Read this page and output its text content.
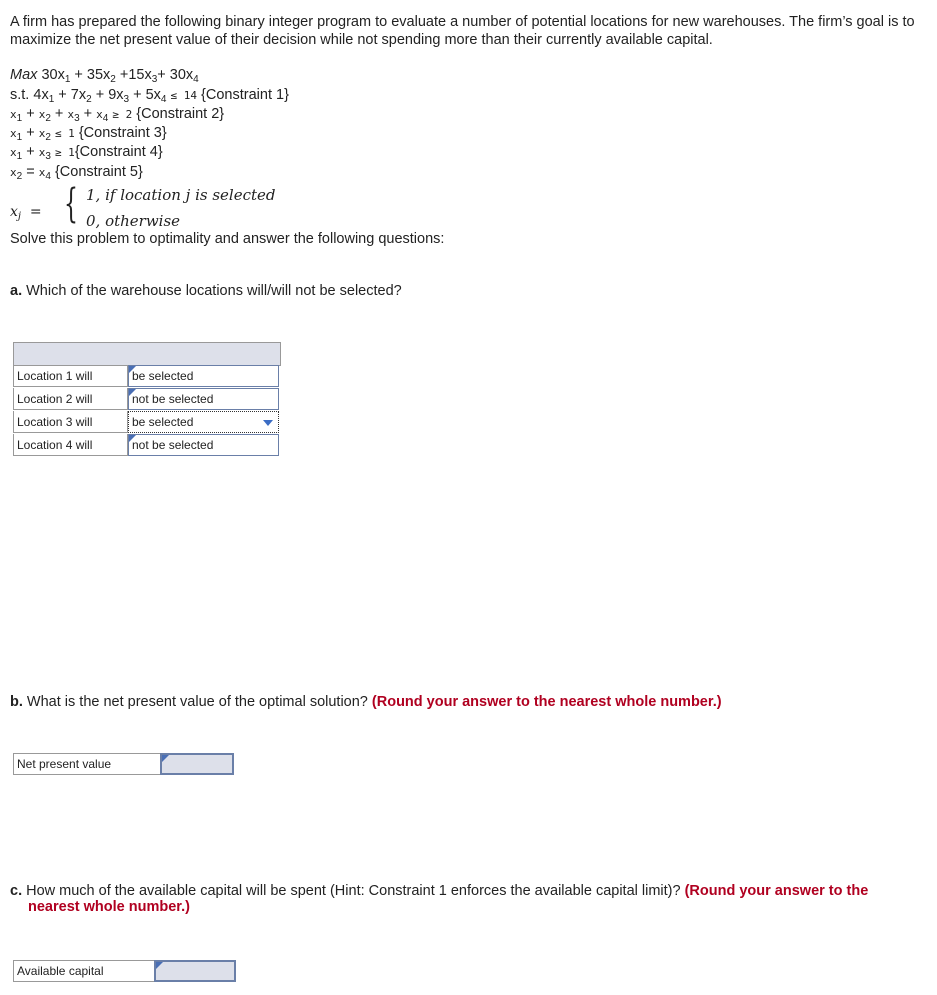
A firm has prepared the following binary integer program to evaluate a number of potential locations for new warehouses. The firm’s goal is to maximize the net present value of their decision while not spending more than their currently available capital.
Max $30x_1 + 35x_2 +15x_3+ 30x_4$
s.t. $4x_1 + 7x_2 + 9x_3 + 5x_4 \le 14$ {Constraint 1}
$x_1 + x_2 + x_3 + x_4 \ge 2$ {Constraint 2}
$x_1 + x_2 \le 1$ {Constraint 3}
$x_1 + x_3$ ≥ 1{Constraint 4}
$x_2 = x_4$ {Constraint 5}
$x_j$  = { 1, if location j is selected
0, otherwise
Solve this problem to optimality and answer the following questions:
a. Which of the warehouse locations will/will not be selected?
Location 1 will	be selected
Location 2 will	not be selected
Location 3 will	be selected
Location 4 will	not be selected
b. What is the net present value of the optimal solution? (Round your answer to the nearest whole number.)
Net present value
c. How much of the available capital will be spent (Hint: Constraint 1 enforces the available capital limit)? (Round your answer to the
nearest whole number.)
Available capital
